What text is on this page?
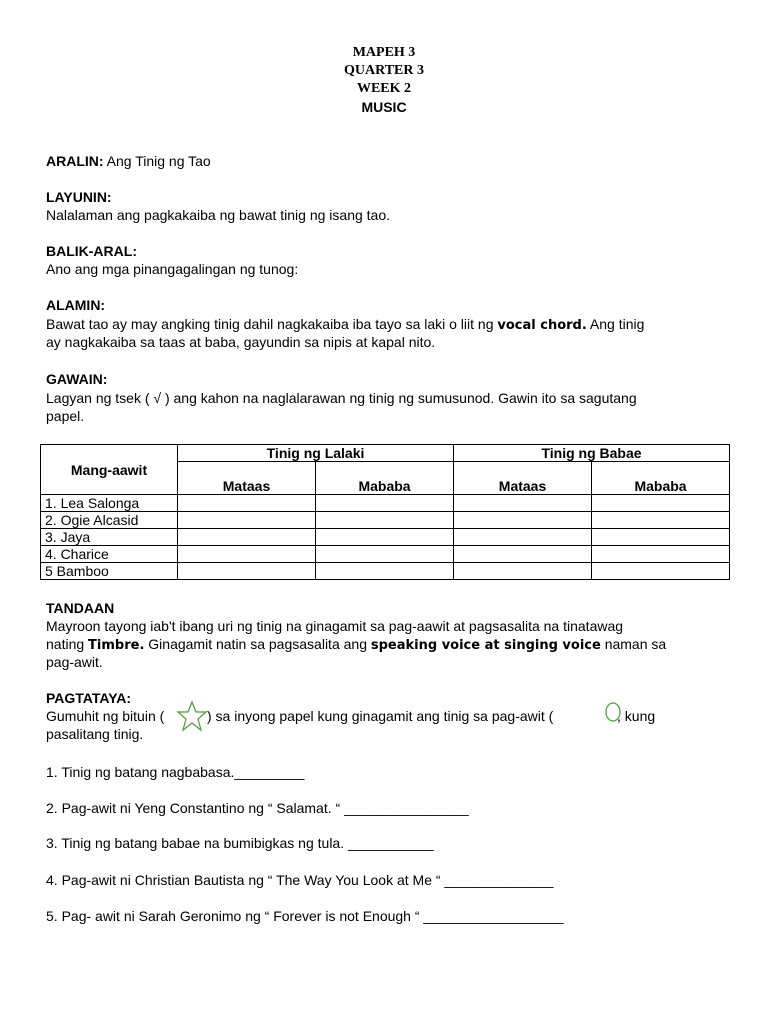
MAPEH 3
QUARTER 3
WEEK 2
MUSIC
ARALIN: Ang Tinig ng Tao
LAYUNIN:
Nalalaman ang pagkakaiba ng bawat tinig ng isang tao.
BALIK-ARAL:
Ano ang mga pinangagalingan ng tunog:
ALAMIN:
Bawat tao ay may angking tinig dahil nagkakaiba iba tayo sa laki o liit ng vocal chord. Ang tinig
ay nagkakaiba sa taas at baba, gayundin sa nipis at kapal nito.
GAWAIN:
Lagyan ng tsek ( √ ) ang kahon na naglalarawan ng tinig ng sumusunod. Gawin ito sa sagutang
papel.
Mang-aawit	Tinig ng Lalaki		Tinig ng Babae	
	Mataas	Mababa	Mataas	Mababa
1. Lea Salonga				
2. Ogie Alcasid				
3. Jaya				
4. Charice				
5 Bamboo				
TANDAAN
Mayroon tayong iab't ibang uri ng tinig na ginagamit sa pag-aawit at pagsasalita na tinatawag
nating Timbre. Ginagamit natin sa pagsasalita ang speaking voice at singing voice naman sa
pag-awit.
PAGTATAYA:
Gumuhit ng bituin (	) sa inyong papel kung ginagamit ang tinig sa pag-awit (	, kung
pasalitang tinig.
1. Tinig ng batang nagbabasa._________
2. Pag-awit ni Yeng Constantino ng “ Salamat. “ ________________
3. Tinig ng batang babae na bumibigkas ng tula. ___________
4. Pag-awit ni Christian Bautista ng “ The Way You Look at Me “ ______________
5. Pag- awit ni Sarah Geronimo ng “ Forever is not Enough “ __________________
